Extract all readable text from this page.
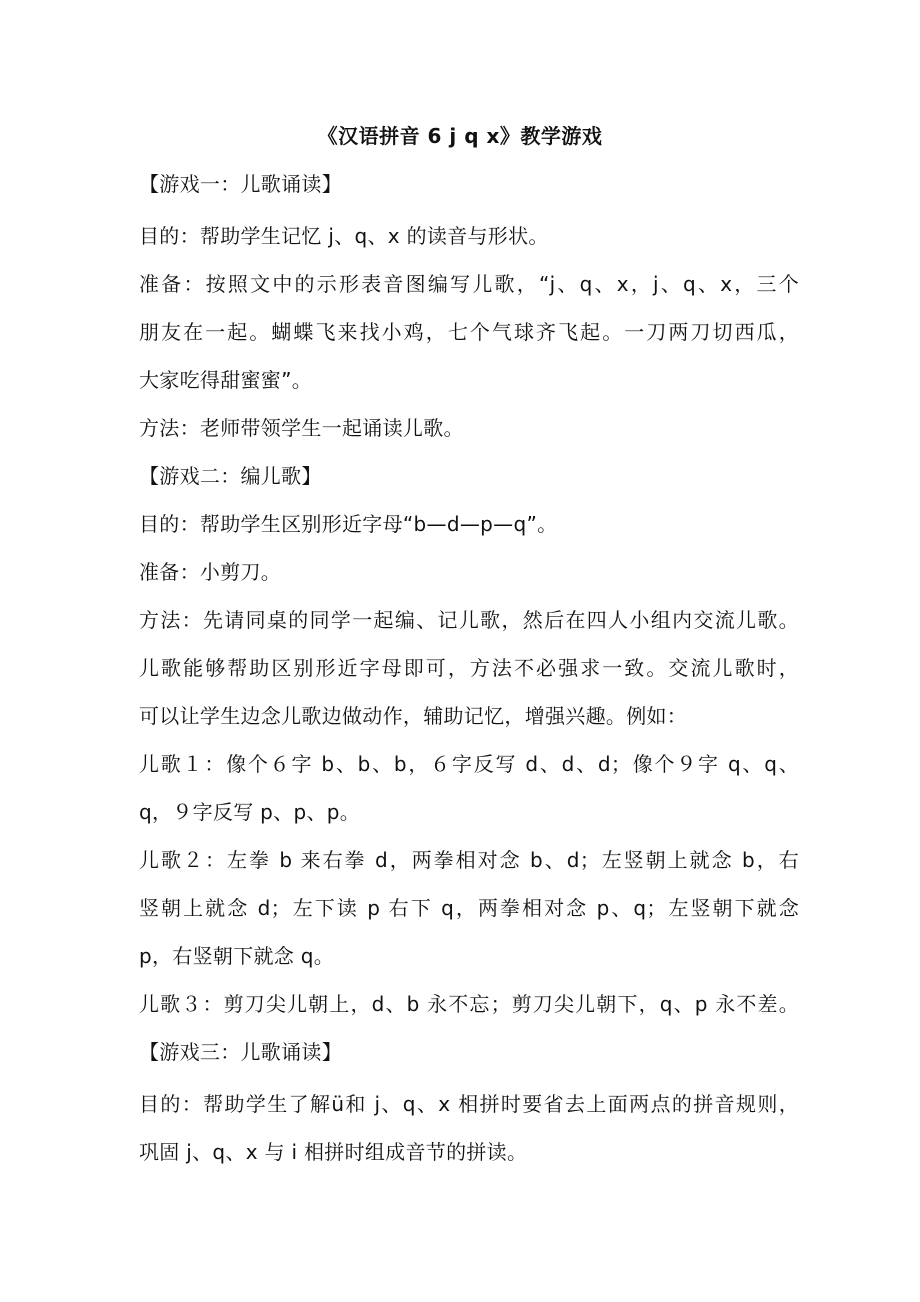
《汉语拼音 6 j q x》教学游戏
【游戏一：儿歌诵读】
目的：帮助学生记忆 j、q、x 的读音与形状。
准备：按照文中的示形表音图编写儿歌，“j、q、x，j、q、x，三个
朋友在一起。蝴蝶飞来找小鸡，七个气球齐飞起。一刀两刀切西瓜，
大家吃得甜蜜蜜”。
方法：老师带领学生一起诵读儿歌。
【游戏二：编儿歌】
目的：帮助学生区别形近字母“b—d—p—q”。
准备：小剪刀。
方法：先请同桌的同学一起编、记儿歌，然后在四人小组内交流儿歌。
儿歌能够帮助区别形近字母即可，方法不必强求一致。交流儿歌时，
可以让学生边念儿歌边做动作，辅助记忆，增强兴趣。例如：
儿歌１：像个６字 b、b、b，６字反写 d、d、d；像个９字 q、q、
q，９字反写 p、p、p。
儿歌２：左拳 b 来右拳 d，两拳相对念 b、d；左竖朝上就念 b，右
竖朝上就念 d；左下读 p 右下 q，两拳相对念 p、q；左竖朝下就念
p，右竖朝下就念 q。
儿歌３：剪刀尖儿朝上，d、b 永不忘；剪刀尖儿朝下，q、p 永不差。
【游戏三：儿歌诵读】
目的：帮助学生了解ü和 j、q、x 相拼时要省去上面两点的拼音规则，
巩固 j、q、x 与 i 相拼时组成音节的拼读。
